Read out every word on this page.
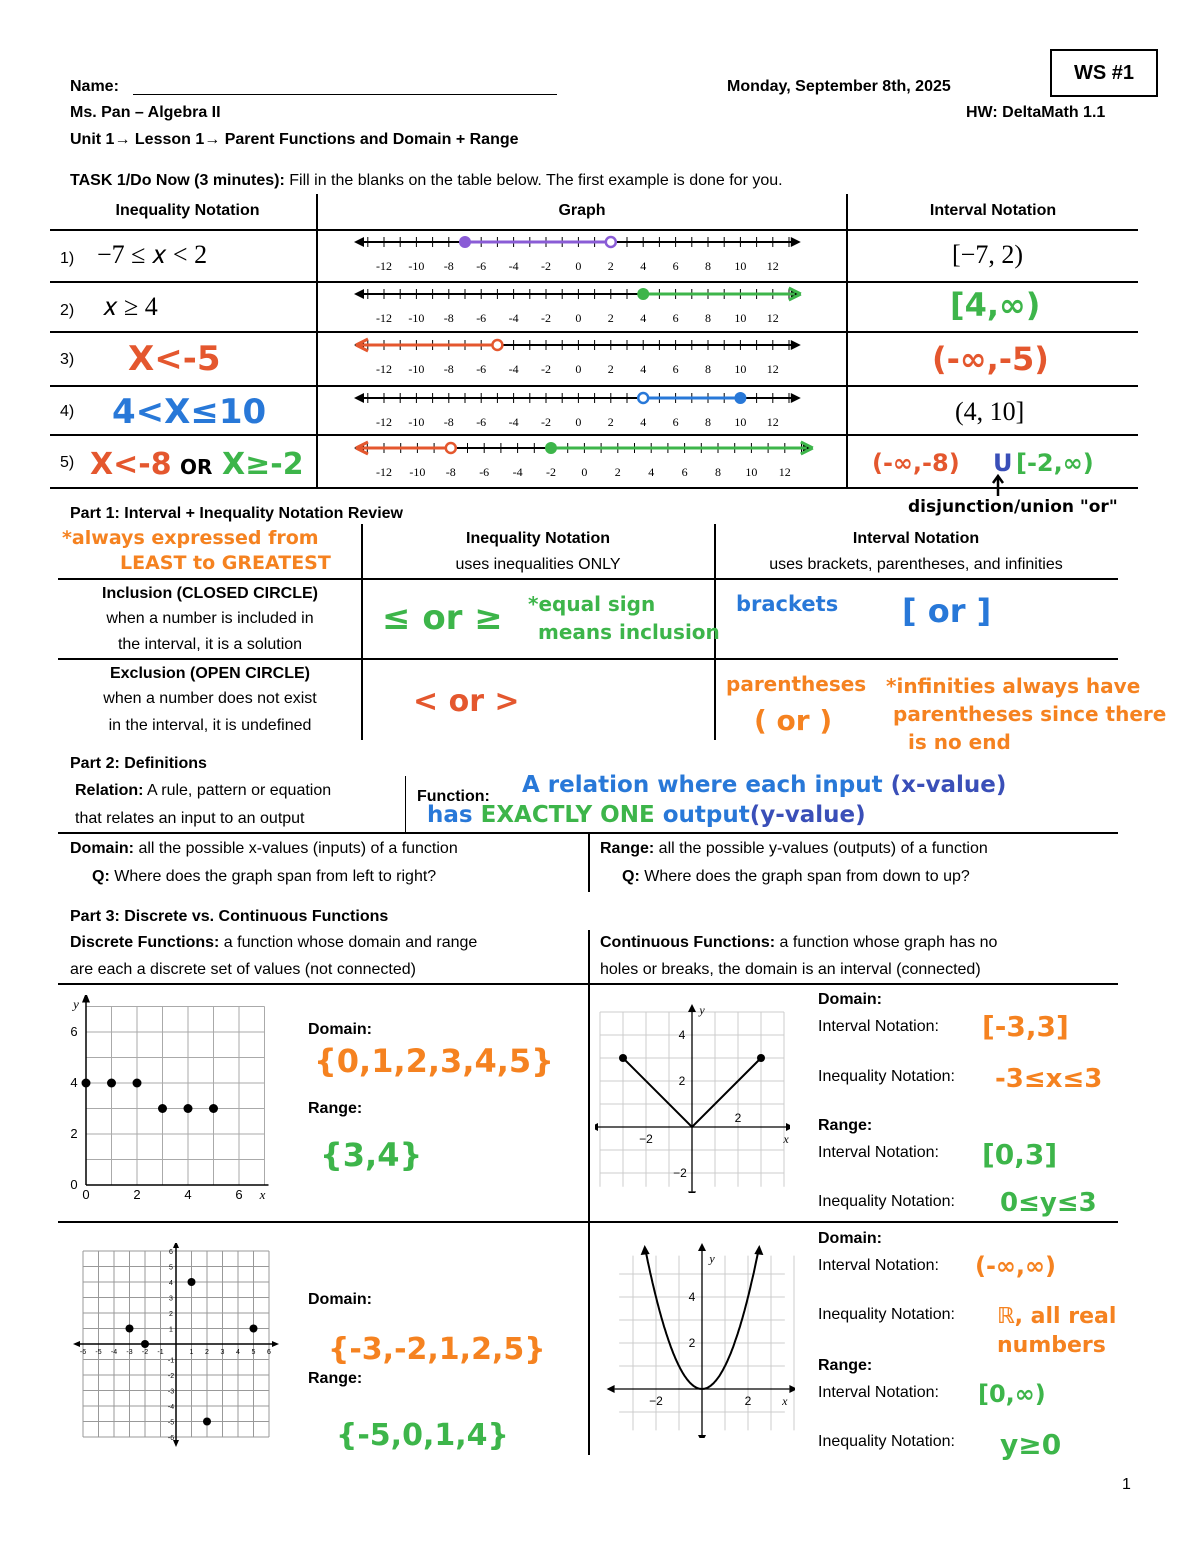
Name:	Monday, September 8th, 2025
WS #1
Ms. Pan – Algebra II	HW: DeltaMath 1.1
Unit 1→ Lesson 1→ Parent Functions and Domain + Range
TASK 1/Do Now (3 minutes): Fill in the blanks on the table below. The first example is done for you.
Inequality Notation	Graph	Interval Notation
1) −7 ≤ 𝑥 < 2	[−7, 2)
2) 𝑥 ≥ 4	[4,∞)
3) X<-5	(-∞,-5)
4) 4<X≤10	(4, 10]
5) X<-8 OR X≥-2	(-∞,-8) U [-2,∞)
disjunction/union "or"
-12 -10 -8 -6 -4 -2 0 2 4 6 8 10 12
-12 -10 -8 -6 -4 -2 0 2 4 6 8 10 12
-12 -10 -8 -6 -4 -2 0 2 4 6 8 10 12
-12 -10 -8 -6 -4 -2 0 2 4 6 8 10 12
-12 -10 -8 -6 -4 -2 0 2 4 6 8 10 12
Part 1: Interval + Inequality Notation Review
*always expressed from
LEAST to GREATEST
Inequality Notation
uses inequalities ONLY
Interval Notation
uses brackets, parentheses, and infinities
Inclusion (CLOSED CIRCLE)
when a number is included in
the interval, it is a solution
≤ or ≥ *equal sign
means inclusion
brackets [ or ]
Exclusion (OPEN CIRCLE)
when a number does not exist
in the interval, it is undefined
< or >	parentheses
( or )
*infinities always have
parentheses since there
is no end
Part 2: Definitions
Relation: A rule, pattern or equation
that relates an input to an output
Function: A relation where each input (x-value)
has EXACTLY ONE output(y-value)
Domain: all the possible x-values (inputs) of a function
Q: Where does the graph span from left to right?
Range: all the possible y-values (outputs) of a function
Q: Where does the graph span from down to up?
Part 3: Discrete vs. Continuous Functions
Discrete Functions: a function whose domain and range
are each a discrete set of values (not connected)
Continuous Functions: a function whose graph has no
holes or breaks, the domain is an interval (connected)
0	2	4	6
0
2
4
6
x
y
−2
2
4
2
−2
x
y
-6
-6
-5
-5
-4
-4
-3
-3
-2
-2
-1
-1
1
1
2
2
3
3
4
4
5
5
6
6
−2	2
4
2
x
y
Domain:
{0,1,2,3,4,5}
Range:
{3,4}
Domain:
Interval Notation: [-3,3]
Inequality Notation: -3≤x≤3
Range:
Interval Notation: [0,3]
Inequality Notation: 0≤y≤3
Domain:
{-3,-2,1,2,5}
Range:
{-5,0,1,4}
Domain:
Interval Notation: (-∞,∞)
Inequality Notation: ℝ, all real
numbers
Range:
Interval Notation: [0,∞)
Inequality Notation: y≥0
1
